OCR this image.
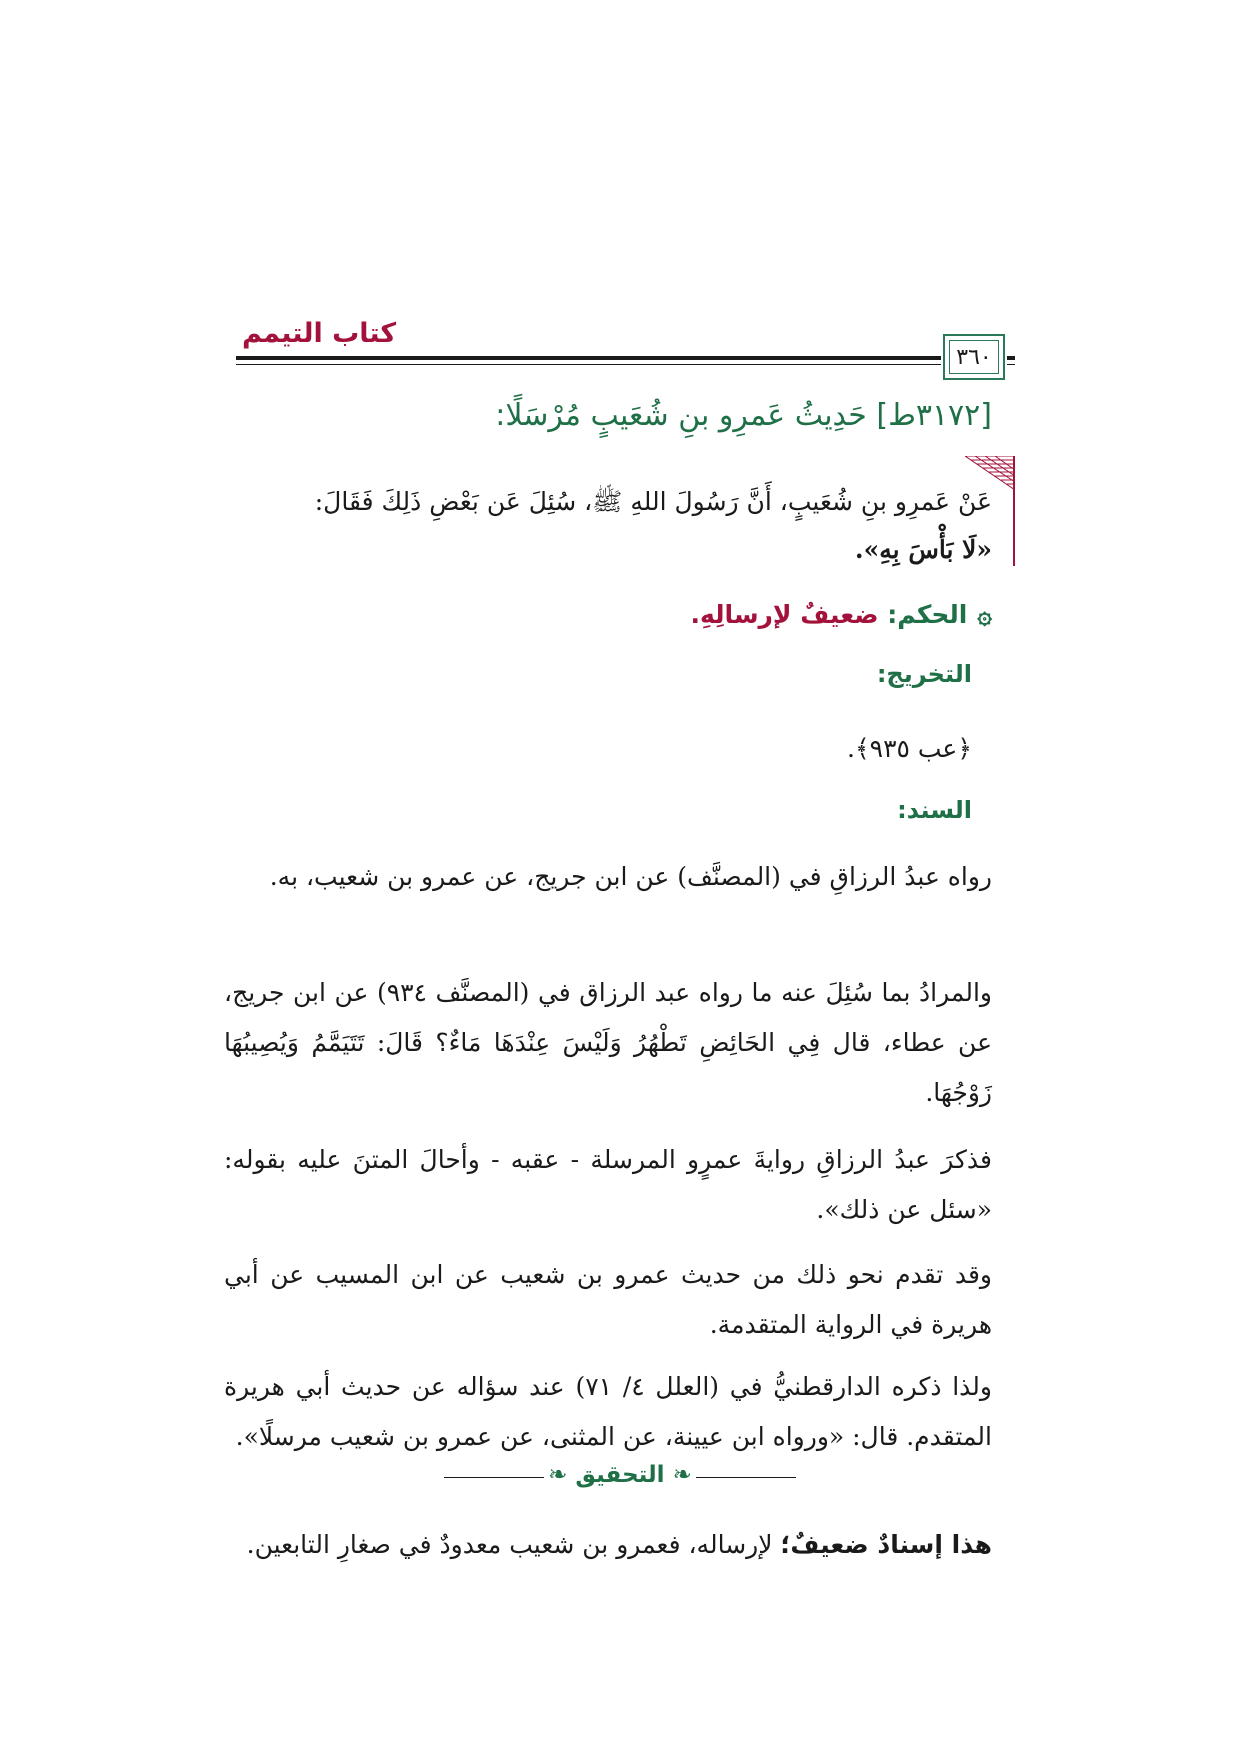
كتاب التيمم
٣٦٠
[٣١٧٢ط] حَدِيثُ عَمرِو بنِ شُعَيبٍ مُرْسَلًا:
عَنْ عَمرِو بنِ شُعَيبٍ، أَنَّ رَسُولَ اللهِ ﷺ، سُئِلَ عَن بَعْضِ ذَلِكَ فَقَالَ:
«لَا بَأْسَ بِهِ».
۞الحكم: ضعيفٌ لإرسالِهِ.
التخريج:
﴿عب ٩٣٥﴾.
السند:
رواه عبدُ الرزاقِ في (المصنَّف) عن ابن جريج، عن عمرو بن شعيب، به.
والمرادُ بما سُئِلَ عنه ما رواه عبد الرزاق في (المصنَّف ٩٣٤) عن ابن جريج، عن عطاء، قال فِي الحَائِضِ تَطْهُرُ وَلَيْسَ عِنْدَهَا مَاءٌ؟ قَالَ: تَتَيَمَّمُ وَيُصِيبُهَا زَوْجُهَا.
فذكرَ عبدُ الرزاقِ روايةَ عمرٍو المرسلة - عقبه - وأحالَ المتنَ عليه بقوله: «سئل عن ذلك».
وقد تقدم نحو ذلك من حديث عمرو بن شعيب عن ابن المسيب عن أبي هريرة في الرواية المتقدمة.
ولذا ذكره الدارقطنيُّ في (العلل ٤/ ٧١) عند سؤاله عن حديث أبي هريرة المتقدم. قال: «ورواه ابن عيينة، عن المثنى، عن عمرو بن شعيب مرسلًا».
❧ التحقيق ❧
هذا إسنادٌ ضعيفٌ؛ لإرساله، فعمرو بن شعيب معدودٌ في صغارِ التابعين.
